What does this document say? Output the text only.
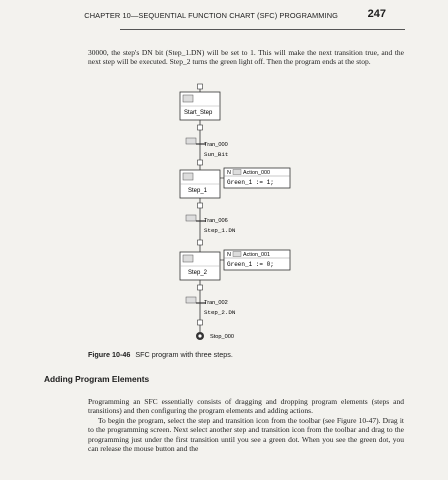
CHAPTER 10—SEQUENTIAL FUNCTION CHART (SFC) PROGRAMMING	247

30000, the step's DN bit (Step_1.DN) will be set to 1. This will make the next transition true, and the next step will be executed. Step_2 turns the green light off. Then the program ends at the stop.

Start_Step
Tran_000
Sun_Bit
Step_1
N Action_000
Green_1 := 1;
Tran_006
Step_1.DN
Step_2
N Action_001
Green_1 := 0;
Tran_002
Step_2.DN
Stop_000
Figure 10-46 SFC program with three steps.
Adding Program Elements

Programming an SFC essentially consists of dragging and dropping program elements (steps and transitions) and then configuring the program elements and adding actions.

To begin the program, select the step and transition icon from the toolbar (see Figure 10-47). Drag it to the programming screen. Next select another step and transition icon from the toolbar and drag to the programming just under the first transition until you see a green dot. When you see the green dot, you can release the mouse button and the
